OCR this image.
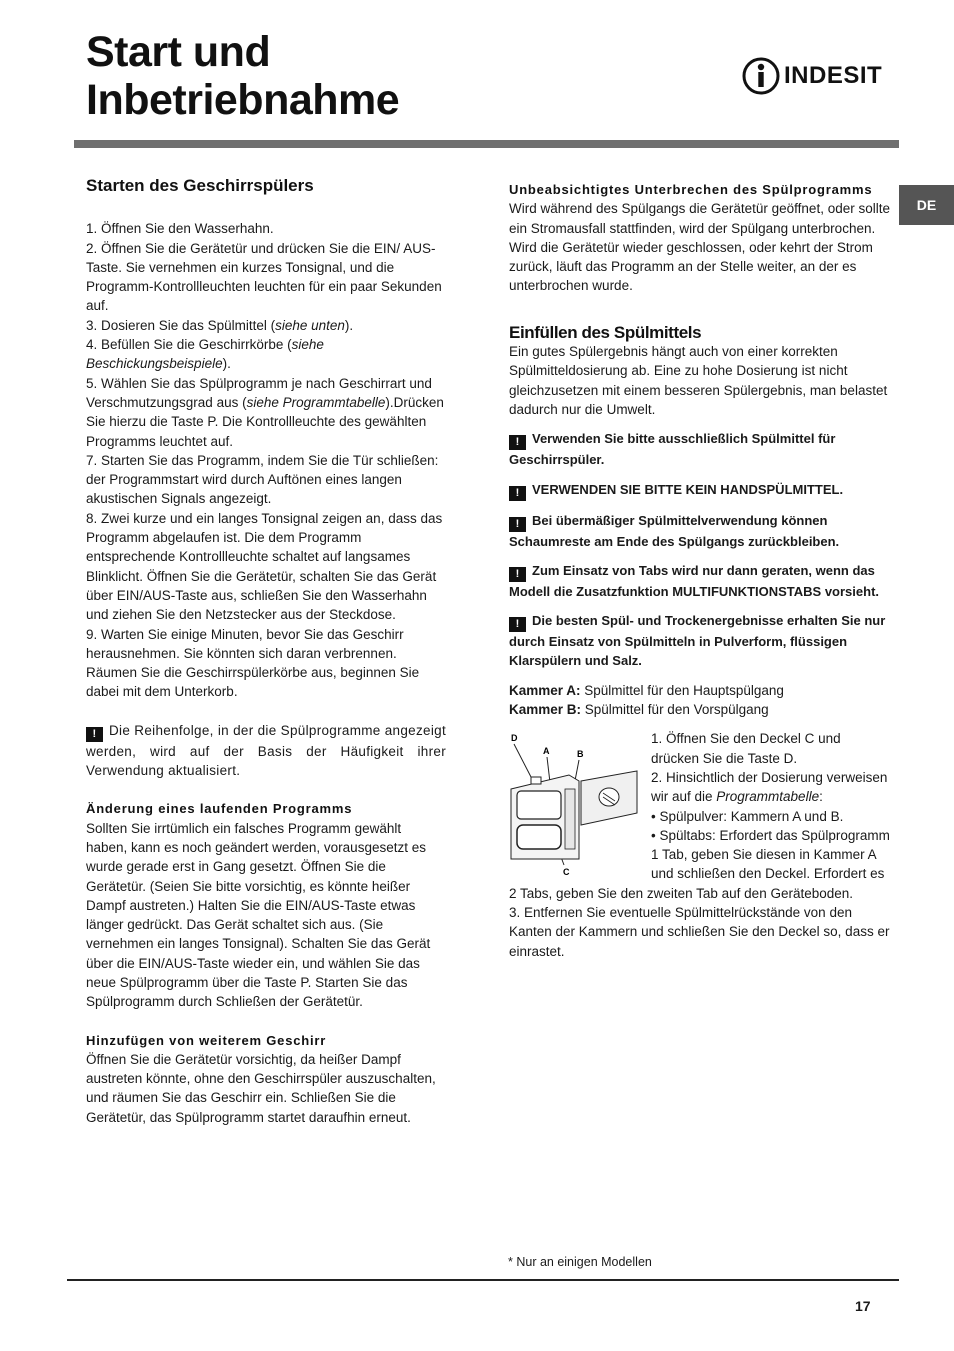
Start und
Inbetriebnahme
INDESIT
DE
Starten des Geschirrspülers

1. Öffnen Sie den Wasserhahn.

2. Öffnen Sie die Gerätetür und drücken Sie die EIN/ AUS-Taste. Sie vernehmen ein kurzes Tonsignal, und die Programm-Kontrollleuchten leuchten für ein paar Sekunden auf.

3. Dosieren Sie das Spülmittel (siehe unten).

4. Befüllen Sie die Geschirrkörbe (siehe Beschickungsbeispiele).

5. Wählen Sie das Spülprogramm je nach Geschirrart und Verschmutzungsgrad aus (siehe Programmtabelle).Drücken Sie hierzu die Taste P. Die Kontrollleuchte des gewählten Programms leuchtet auf.

7. Starten Sie das Programm, indem Sie die Tür schließen: der Programmstart wird durch Auftönen eines langen akustischen Signals angezeigt.

8. Zwei kurze und ein langes Tonsignal zeigen an, dass das Programm abgelaufen ist. Die dem Programm entsprechende Kontrollleuchte schaltet auf langsames Blinklicht. Öffnen Sie die Gerätetür, schalten Sie das Gerät über EIN/AUS-Taste aus, schließen Sie den Wasserhahn und ziehen Sie den Netzstecker aus der Steckdose.

9. Warten Sie einige Minuten, bevor Sie das Geschirr herausnehmen. Sie könnten sich daran verbrennen. Räumen Sie die Geschirrspülerkörbe aus, beginnen Sie dabei mit dem Unterkorb.

! Die Reihenfolge, in der die Spülprogramme angezeigt werden, wird auf der Basis der Häufigkeit ihrer Verwendung aktualisiert.

Änderung eines laufenden Programms

Sollten Sie irrtümlich ein falsches Programm gewählt haben, kann es noch geändert werden, vorausgesetzt es wurde gerade erst in Gang gesetzt. Öffnen Sie die Gerätetür. (Seien Sie bitte vorsichtig, es könnte heißer Dampf austreten.) Halten Sie die EIN/AUS-Taste etwas länger gedrückt. Das Gerät schaltet sich aus. (Sie vernehmen ein langes Tonsignal). Schalten Sie das Gerät über die EIN/AUS-Taste wieder ein, und wählen Sie das neue Spülprogramm über die Taste P. Starten Sie das Spülprogramm durch Schließen der Gerätetür.

Hinzufügen von weiterem Geschirr

Öffnen Sie die Gerätetür vorsichtig, da heißer Dampf austreten könnte, ohne den Geschirrspüler auszuschalten, und räumen Sie das Geschirr ein. Schließen Sie die Gerätetür, das Spülprogramm startet daraufhin erneut.

Unbeabsichtigtes Unterbrechen des Spülprogramms

Wird während des Spülgangs die Gerätetür geöffnet, oder sollte ein Stromausfall stattfinden, wird der Spülgang unterbrochen. Wird die Gerätetür wieder geschlossen, oder kehrt der Strom zurück, läuft das Programm an der Stelle weiter, an der es unterbrochen wurde.

Einfüllen des Spülmittels

Ein gutes Spülergebnis hängt auch von einer korrekten Spülmitteldosierung ab. Eine zu hohe Dosierung ist nicht gleichzusetzen mit einem besseren Spülergebnis, man belastet dadurch nur die Umwelt.

! Verwenden Sie bitte ausschließlich Spülmittel für Geschirrspüler.

! VERWENDEN SIE BITTE KEIN HANDSPÜLMITTEL.

! Bei übermäßiger Spülmittelverwendung können Schaumreste am Ende des Spülgangs zurückbleiben.

! Zum Einsatz von Tabs wird nur dann geraten, wenn das Modell die Zusatzfunktion MULTIFUNKTIONSTABS vorsieht.

! Die besten Spül- und Trockenergebnisse erhalten Sie nur durch Einsatz von Spülmitteln in Pulverform, flüssigen Klarspülern und Salz.

Kammer A: Spülmittel für den Hauptspülgang

Kammer B: Spülmittel für den Vorspülgang

D
A	B
C

1. Öffnen Sie den Deckel C und drücken Sie die Taste D.

2. Hinsichtlich der Dosierung verweisen wir auf die Programmtabelle:

• Spülpulver: Kammern A und B.

• Spültabs: Erfordert das Spülprogramm 1 Tab, geben Sie diesen in Kammer A und schließen den Deckel. Erfordert es 2 Tabs, geben Sie den zweiten Tab auf den Geräteboden.

3. Entfernen Sie eventuelle Spülmittelrückstände von den Kanten der Kammern und schließen Sie den Deckel so, dass er einrastet.

* Nur an einigen Modellen
17
